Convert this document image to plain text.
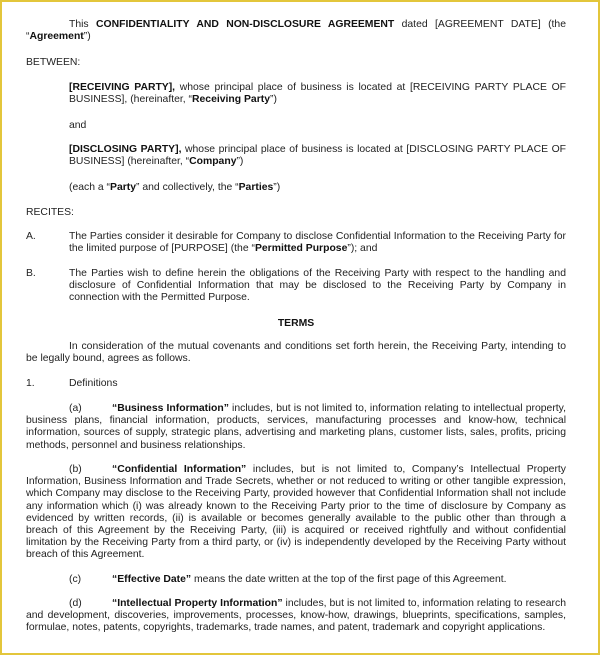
This CONFIDENTIALITY AND NON-DISCLOSURE AGREEMENT dated [AGREEMENT DATE] (the “Agreement”)
BETWEEN:
[RECEIVING PARTY], whose principal place of business is located at [RECEIVING PARTY PLACE OF BUSINESS], (hereinafter, “Receiving Party”)
and
[DISCLOSING PARTY], whose principal place of business is located at [DISCLOSING PARTY PLACE OF BUSINESS] (hereinafter, “Company”)
(each a “Party” and collectively, the “Parties”)
RECITES:
A.	The Parties consider it desirable for Company to disclose Confidential Information to the Receiving Party for the limited purpose of [PURPOSE] (the “Permitted Purpose”); and
B.	The Parties wish to define herein the obligations of the Receiving Party with respect to the handling and disclosure of Confidential Information that may be disclosed to the Receiving Party by Company in connection with the Permitted Purpose.
TERMS
In consideration of the mutual covenants and conditions set forth herein, the Receiving Party, intending to be legally bound, agrees as follows.
1.	Definitions
(a)	“Business Information” includes, but is not limited to, information relating to intellectual property, business plans, financial information, products, services, manufacturing processes and know-how, technical information, sources of supply, strategic plans, advertising and marketing plans, customer lists, sales, profits, pricing methods, personnel and business relationships.
(b)	“Confidential Information” includes, but is not limited to, Company’s Intellectual Property Information, Business Information and Trade Secrets, whether or not reduced to writing or other tangible expression, which Company may disclose to the Receiving Party, provided however that Confidential Information shall not include any information which (i) was already known to the Receiving Party prior to the time of disclosure by Company as evidenced by written records, (ii) is available or becomes generally available to the public other than through a breach of this Agreement by the Receiving Party, (iii) is acquired or received rightfully and without confidential limitation by the Receiving Party from a third party, or (iv) is independently developed by the Receiving Party without breach of this Agreement.
(c)	“Effective Date” means the date written at the top of the first page of this Agreement.
(d)	“Intellectual Property Information” includes, but is not limited to, information relating to research and development, discoveries, improvements, processes, know-how, drawings, blueprints, specifications, samples, formulae, notes, patents, copyrights, trademarks, trade names, and patent, trademark and copyright applications.
